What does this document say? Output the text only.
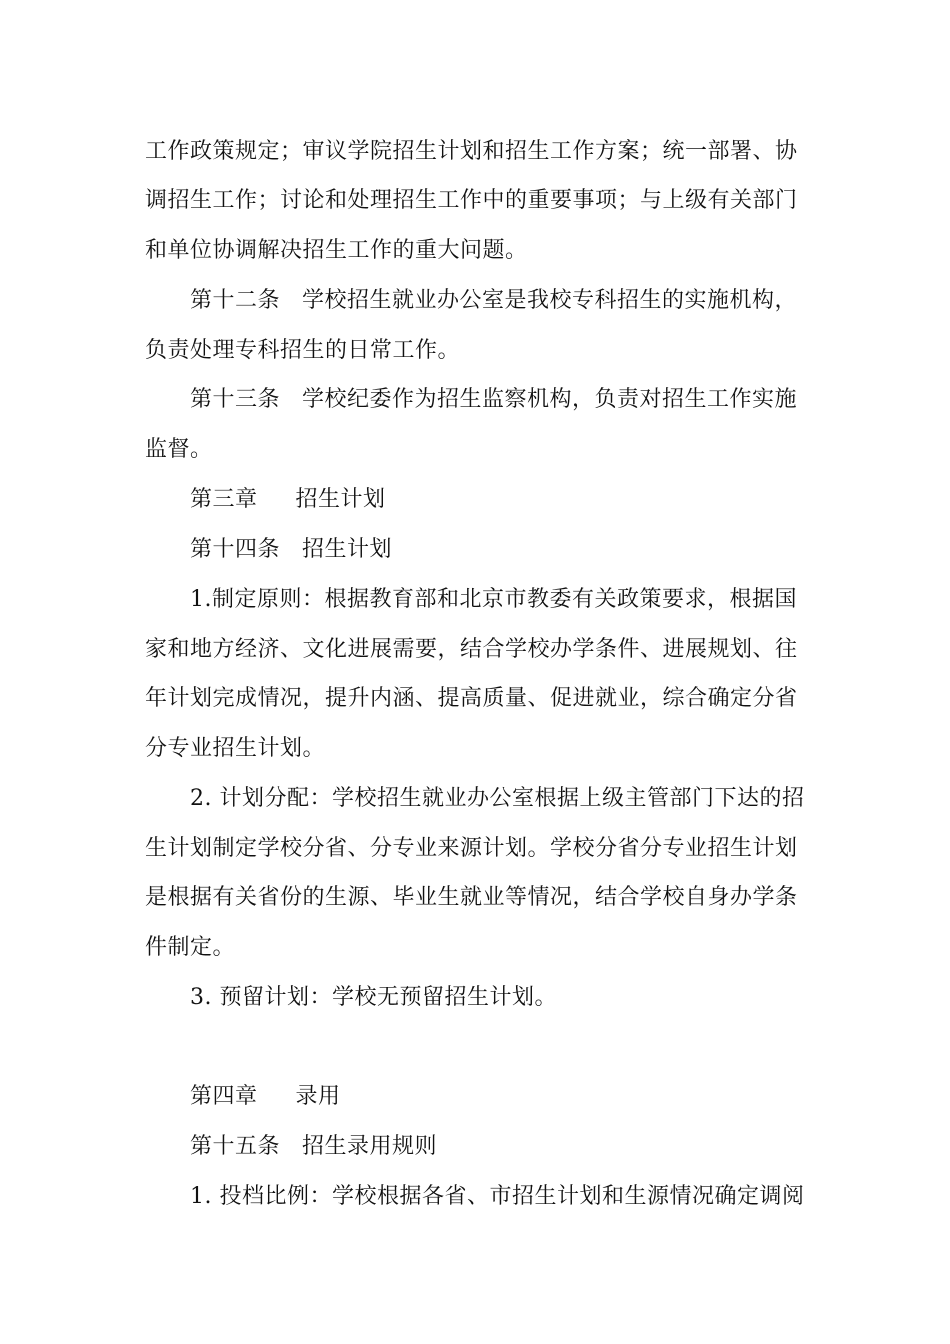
工作政策规定；审议学院招生计划和招生工作方案；统一部署、协
调招生工作；讨论和处理招生工作中的重要事项；与上级有关部门
和单位协调解决招生工作的重大问题。
第十二条 学校招生就业办公室是我校专科招生的实施机构，
负责处理专科招生的日常工作。
第十三条 学校纪委作为招生监察机构，负责对招生工作实施
监督。
第三章 招生计划
第十四条 招生计划
1.制定原则：根据教育部和北京市教委有关政策要求，根据国
家和地方经济、文化进展需要，结合学校办学条件、进展规划、往
年计划完成情况，提升内涵、提高质量、促进就业，综合确定分省
分专业招生计划。
2. 计划分配：学校招生就业办公室根据上级主管部门下达的招
生计划制定学校分省、分专业来源计划。学校分省分专业招生计划
是根据有关省份的生源、毕业生就业等情况，结合学校自身办学条
件制定。
3. 预留计划：学校无预留招生计划。
第四章 录用
第十五条 招生录用规则
1. 投档比例：学校根据各省、市招生计划和生源情况确定调阅
